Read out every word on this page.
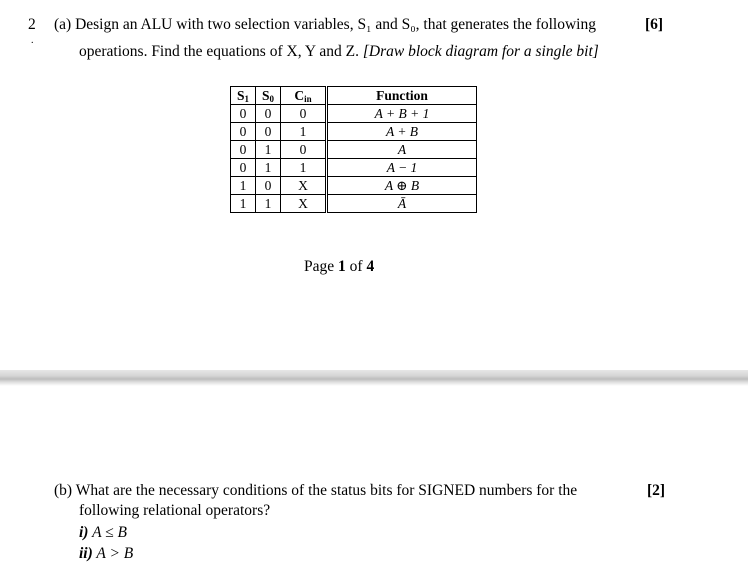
2
.
(a) Design an ALU with two selection variables, S₁ and S₀, that generates the following
operations. Find the equations of X, Y and Z. [Draw block diagram for a single bit]
[6]
$S_1$	$S_0$	$C_{in}$	Function
0	0	0	A + B + 1
0	0	1	A + B
0	1	0	A
0	1	1	A − 1
1	0	X	A ⊕ B
1	1	X	Ā
Page 1 of 4
(b) What are the necessary conditions of the status bits for SIGNED numbers for the
following relational operators?
[2]
i) A ≤ B
ii) A > B
